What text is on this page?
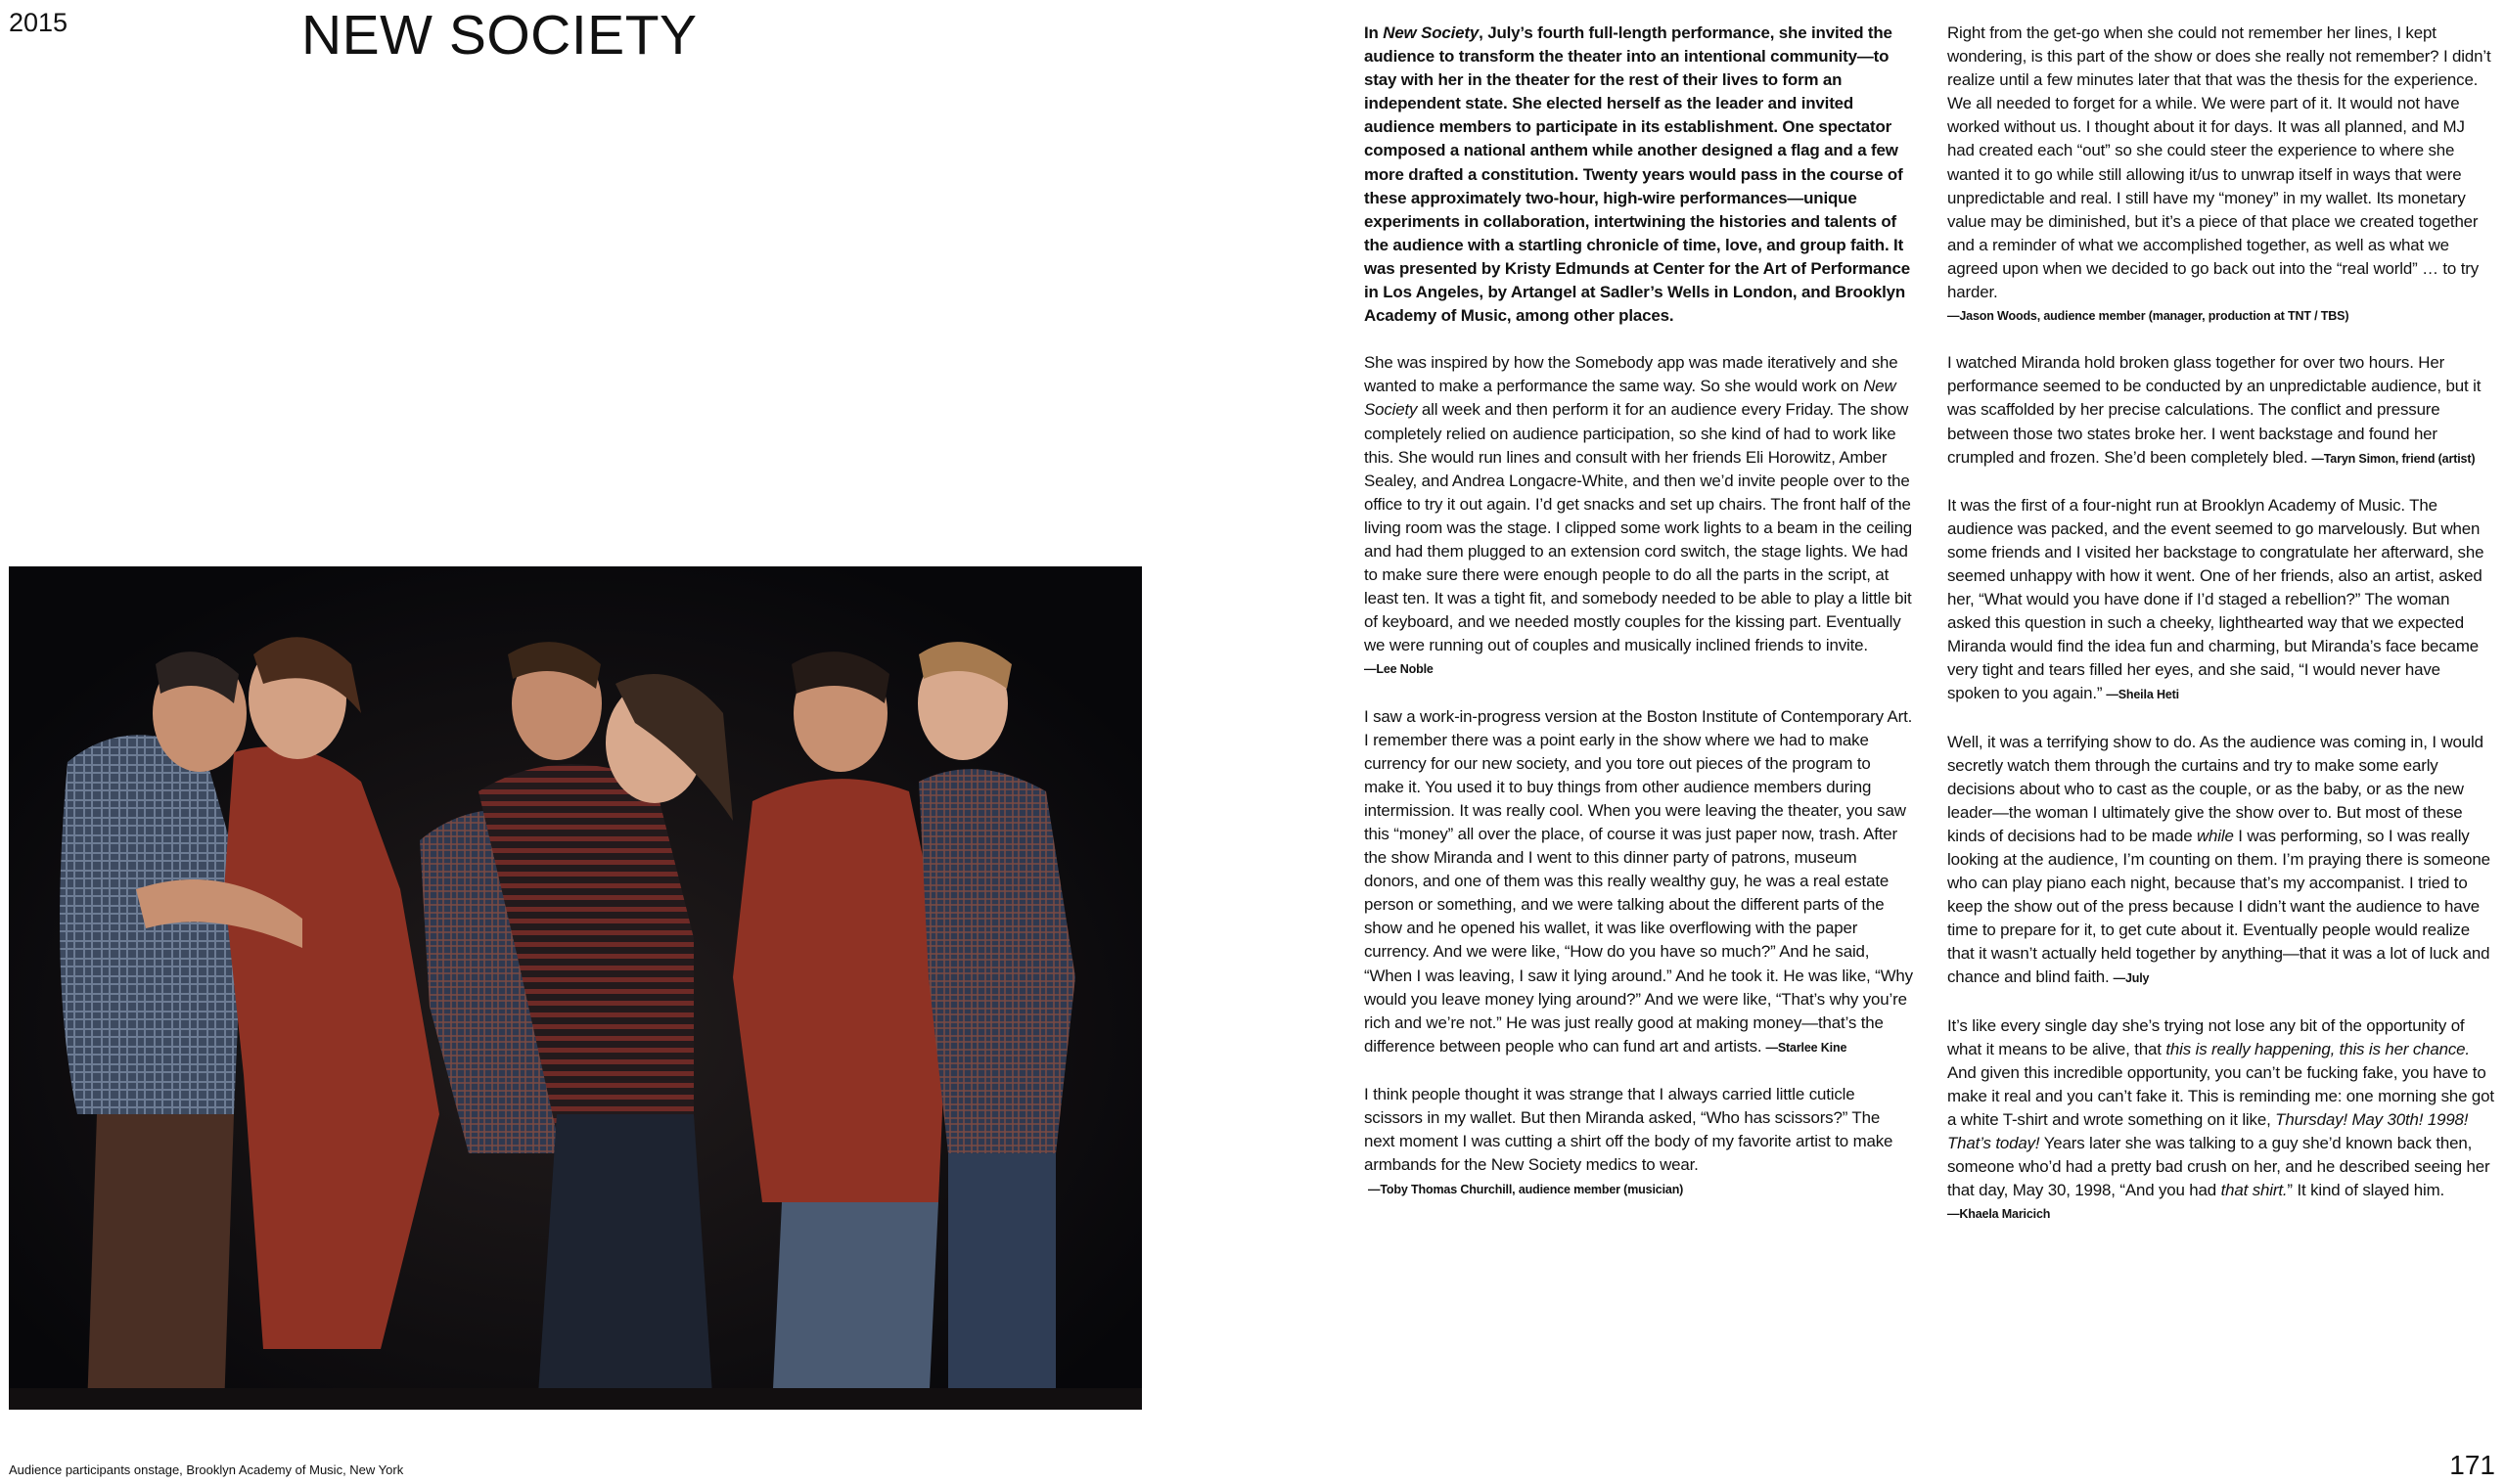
2015	NEW SOCIETY
Audience participants onstage, Brooklyn Academy of Music, New York	171

In New Society, July’s fourth full-length performance, she invited the audience to transform the theater into an intentional community—to stay with her in the theater for the rest of their lives to form an independent state. She elected herself as the leader and invited audience members to participate in its establishment. One spectator composed a national anthem while another designed a flag and a few more drafted a constitution. Twenty years would pass in the course of these approximately two-hour, high-wire performances—unique experiments in collaboration, intertwining the histories and talents of the audience with a startling chronicle of time, love, and group faith. It was presented by Kristy Edmunds at Center for the Art of Performance in Los Angeles, by Artangel at Sadler’s Wells in London, and Brooklyn Academy of Music, among other places.

She was inspired by how the Somebody app was made iteratively and she wanted to make a performance the same way. So she would work on New Society all week and then perform it for an audience every Friday. The show completely relied on audience participation, so she kind of had to work like this. She would run lines and consult with her friends Eli Horowitz, Amber Sealey, and Andrea Longacre-White, and then we’d invite people over to the office to try it out again. I’d get snacks and set up chairs. The front half of the living room was the stage. I clipped some work lights to a beam in the ceiling and had them plugged to an extension cord switch, the stage lights. We had to make sure there were enough people to do all the parts in the script, at least ten. It was a tight fit, and somebody needed to be able to play a little bit of keyboard, and we needed mostly couples for the kissing part. Eventually we were running out of couples and musically inclined friends to invite.
—Lee Noble

I saw a work-in-progress version at the Boston Institute of Contemporary Art. I remember there was a point early in the show where we had to make currency for our new society, and you tore out pieces of the program to make it. You used it to buy things from other audience members during intermission. It was really cool. When you were leaving the theater, you saw this “money” all over the place, of course it was just paper now, trash. After the show Miranda and I went to this dinner party of patrons, museum donors, and one of them was this really wealthy guy, he was a real estate person or something, and we were talking about the different parts of the show and he opened his wallet, it was like overflowing with the paper currency. And we were like, “How do you have so much?” And he said, “When I was leaving, I saw it lying around.” And he took it. He was like, “Why would you leave money lying around?” And we were like, “That’s why you’re rich and we’re not.” He was just really good at making money—that’s the difference between people who can fund art and artists. —Starlee Kine

I think people thought it was strange that I always carried little cuticle scissors in my wallet. But then Miranda asked, “Who has scissors?” The next moment I was cutting a shirt off the body of my favorite artist to make armbands for the New Society medics to wear.—Toby Thomas Churchill, audience member (musician)

Right from the get-go when she could not remember her lines, I kept wondering, is this part of the show or does she really not remember? I didn’t realize until a few minutes later that that was the thesis for the experience. We all needed to forget for a while. We were part of it. It would not have worked without us. I thought about it for days. It was all planned, and MJ had created each “out” so she could steer the experience to where she wanted it to go while still allowing it/us to unwrap itself in ways that were unpredictable and real. I still have my “money” in my wallet. Its monetary value may be diminished, but it’s a piece of that place we created together and a reminder of what we accomplished together, as well as what we agreed upon when we decided to go back out into the “real world” … to try harder.
—Jason Woods, audience member (manager, production at TNT / TBS)

I watched Miranda hold broken glass together for over two hours. Her performance seemed to be conducted by an unpredictable audience, but it was scaffolded by her precise calculations. The conflict and pressure between those two states broke her. I went backstage and found her crumpled and frozen. She’d been completely bled. —Taryn Simon, friend (artist)

It was the first of a four-night run at Brooklyn Academy of Music. The audience was packed, and the event seemed to go marvelously. But when some friends and I visited her backstage to congratulate her afterward, she seemed unhappy with how it went. One of her friends, also an artist, asked her, “What would you have done if I’d staged a rebellion?” The woman asked this question in such a cheeky, lighthearted way that we expected Miranda would find the idea fun and charming, but Miranda’s face became very tight and tears filled her eyes, and she said, “I would never have spoken to you again.” —Sheila Heti

Well, it was a terrifying show to do. As the audience was coming in, I would secretly watch them through the curtains and try to make some early decisions about who to cast as the couple, or as the baby, or as the new leader—the woman I ultimately give the show over to. But most of these kinds of decisions had to be made while I was performing, so I was really looking at the audience, I’m counting on them. I’m praying there is someone who can play piano each night, because that’s my accompanist. I tried to keep the show out of the press because I didn’t want the audience to have time to prepare for it, to get cute about it. Eventually people would realize that it wasn’t actually held together by anything—that it was a lot of luck and chance and blind faith. —July

It’s like every single day she’s trying not lose any bit of the opportunity of what it means to be alive, that this is really happening, this is her chance. And given this incredible opportunity, you can’t be fucking fake, you have to make it real and you can’t fake it. This is reminding me: one morning she got a white T-shirt and wrote something on it like, Thursday! May 30th! 1998! That’s today! Years later she was talking to a guy she’d known back then, someone who’d had a pretty bad crush on her, and he described seeing her that day, May 30, 1998, “And you had that shirt.” It kind of slayed him.
—Khaela Maricich
